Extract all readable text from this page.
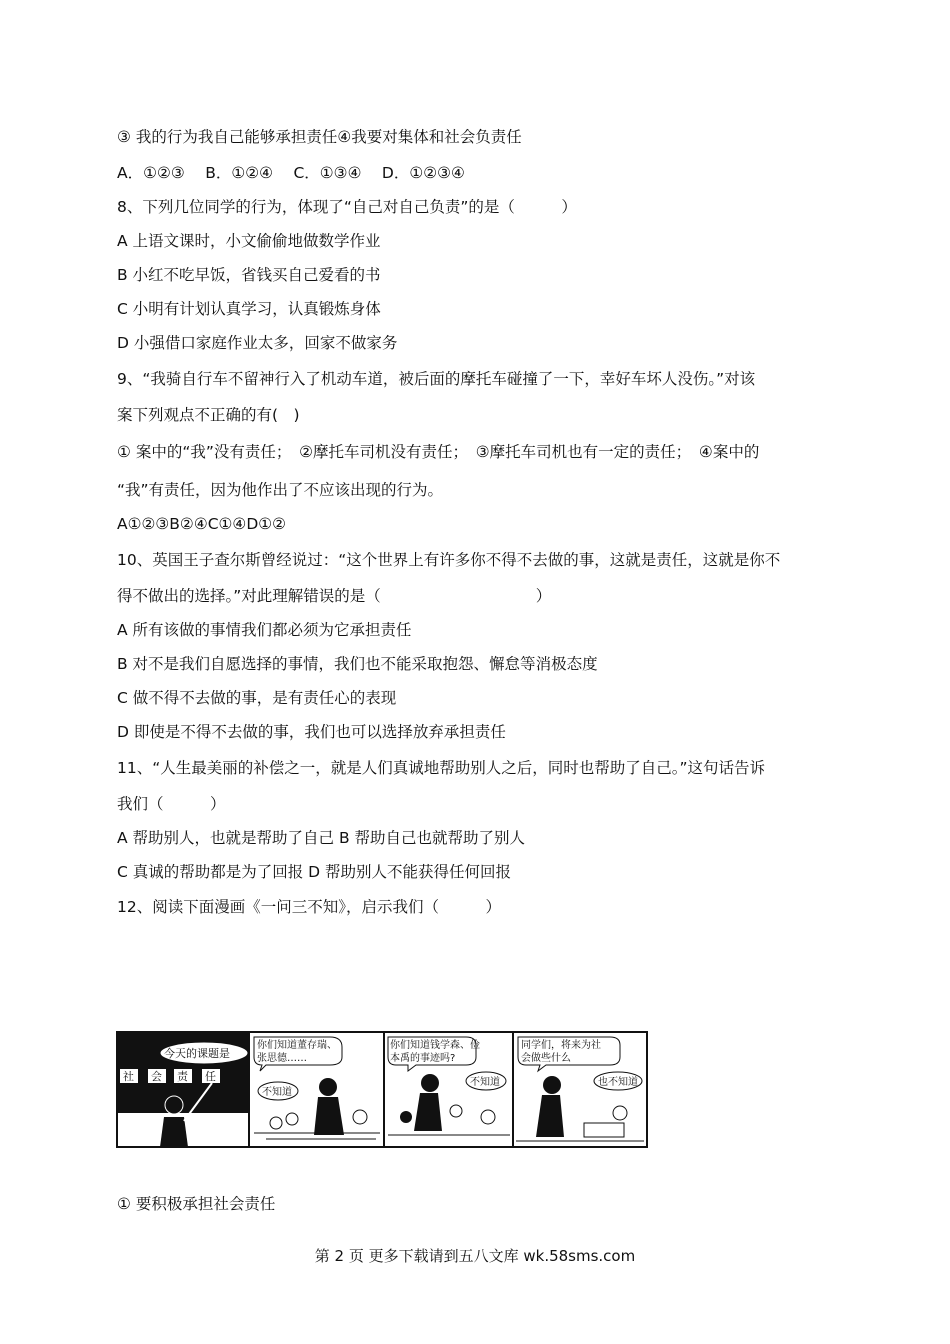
③ 我的行为我自己能够承担责任④我要对集体和社会负责任
A．①②③　 B．①②④　 C．①③④　 D．①②③④
8、下列几位同学的行为，体现了“自己对自己负责”的是（　　　）
A 上语文课时，小文偷偷地做数学作业
B 小红不吃早饭，省钱买自己爱看的书
C 小明有计划认真学习，认真锻炼身体
D 小强借口家庭作业太多，回家不做家务
9、“我骑自行车不留神行入了机动车道，被后面的摩托车碰撞了一下，幸好车坏人没伤。”对该
案下列观点不正确的有(　)
① 案中的“我”没有责任；　②摩托车司机没有责任；　③摩托车司机也有一定的责任；　④案中的
“我”有责任，因为他作出了不应该出现的行为。
A①②③B②④C①④D①②
10、英国王子查尔斯曾经说过：“这个世界上有许多你不得不去做的事，这就是责任，这就是你不
得不做出的选择。”对此理解错误的是（　　　　　　　　　　）
A 所有该做的事情我们都必须为它承担责任
B 对不是我们自愿选择的事情，我们也不能采取抱怨、懈怠等消极态度
C 做不得不去做的事，是有责任心的表现
D 即使是不得不去做的事，我们也可以选择放弃承担责任
11、“人生最美丽的补偿之一，就是人们真诚地帮助别人之后，同时也帮助了自己。”这句话告诉
我们（　　　）
A 帮助别人，也就是帮助了自己 B 帮助自己也就帮助了别人
C 真诚的帮助都是为了回报 D 帮助别人不能获得任何回报
12、阅读下面漫画《一问三不知》，启示我们（　　　）
今天的课题是
社 会 责 任
你们知道董存瑞、
张思德……
不知道
你们知道钱学森、俭
本禹的事迹吗?
不知道
同学们，将来为社
会做些什么
也不知道
① 要积极承担社会责任
第 2 页 更多下载请到五八文库 wk.58sms.com
